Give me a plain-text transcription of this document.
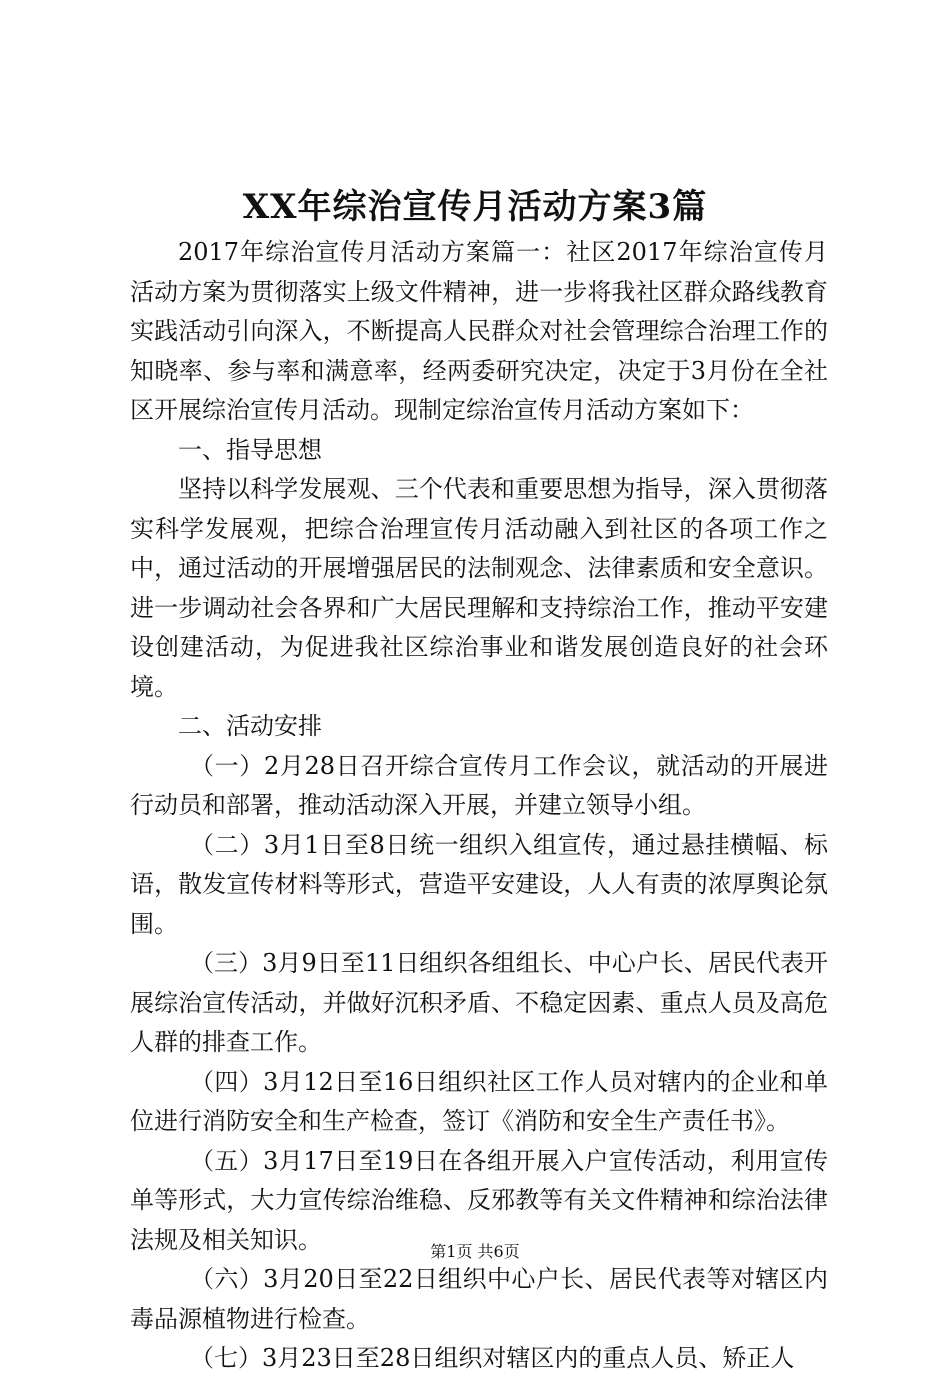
XX年综治宣传月活动方案3篇

2017年综治宣传月活动方案篇一：社区2017年综治宣传月活动方案为贯彻落实上级文件精神，进一步将我社区群众路线教育实践活动引向深入，不断提高人民群众对社会管理综合治理工作的知晓率、参与率和满意率，经两委研究决定，决定于3月份在全社区开展综治宣传月活动。现制定综治宣传月活动方案如下：

一、指导思想

坚持以科学发展观、三个代表和重要思想为指导，深入贯彻落实科学发展观，把综合治理宣传月活动融入到社区的各项工作之中，通过活动的开展增强居民的法制观念、法律素质和安全意识。进一步调动社会各界和广大居民理解和支持综治工作，推动平安建设创建活动，为促进我社区综治事业和谐发展创造良好的社会环境。

二、活动安排

（一）2月28日召开综合宣传月工作会议，就活动的开展进行动员和部署，推动活动深入开展，并建立领导小组。

（二）3月1日至8日统一组织入组宣传，通过悬挂横幅、标语，散发宣传材料等形式，营造平安建设，人人有责的浓厚舆论氛围。

（三）3月9日至11日组织各组组长、中心户长、居民代表开展综治宣传活动，并做好沉积矛盾、不稳定因素、重点人员及高危人群的排查工作。

（四）3月12日至16日组织社区工作人员对辖内的企业和单位进行消防安全和生产检查，签订《消防和安全生产责任书》。

（五）3月17日至19日在各组开展入户宣传活动，利用宣传单等形式，大力宣传综治维稳、反邪教等有关文件精神和综治法律法规及相关知识。

（六）3月20日至22日组织中心户长、居民代表等对辖区内毒品源植物进行检查。

（七）3月23日至28日组织对辖区内的重点人员、矫正人

第1页 共6页
